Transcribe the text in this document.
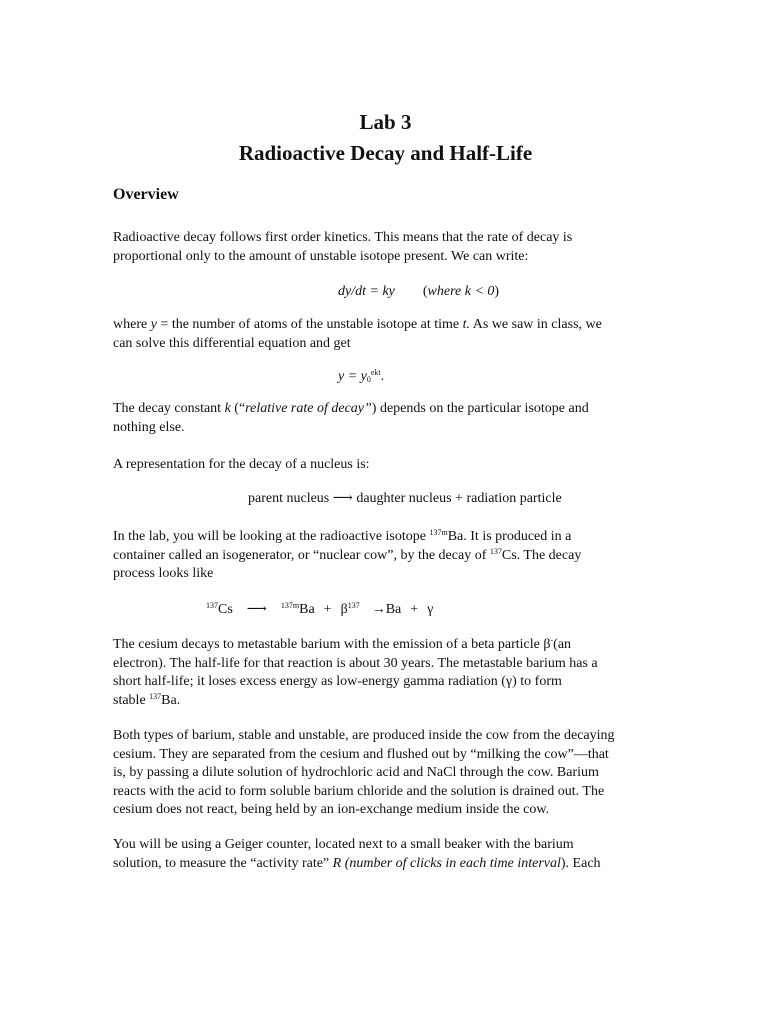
Lab 3
Radioactive Decay and Half-Life
Overview

Radioactive decay follows first order kinetics. This means that the rate of decay is
proportional only to the amount of unstable isotope present. We can write:

dy/dt = ky (where k < 0)

where y = the number of atoms of the unstable isotope at time t. As we saw in class, we
can solve this differential equation and get

$y = y_0^{ekt}$.

The decay constant k (“relative rate of decay”) depends on the particular isotope and
nothing else.

A representation for the decay of a nucleus is:

parent nucleus ⟶ daughter nucleus + radiation particle

In the lab, you will be looking at the radioactive isotope $^{137m}$Ba. It is produced in a
container called an isogenerator, or “nuclear cow”, by the decay of $^{137}$Cs. The decay
process looks like

$^{137}$Cs ⟶ $^{137m}Ba + \beta^{137} \to Ba + \gamma$

The cesium decays to metastable barium with the emission of a beta particle β-(an
electron). The half-life for that reaction is about 30 years. The metastable barium has a
short half-life; it loses excess energy as low-energy gamma radiation (γ) to form
stable $^{137}$Ba.

Both types of barium, stable and unstable, are produced inside the cow from the decaying
cesium. They are separated from the cesium and flushed out by “milking the cow”—that
is, by passing a dilute solution of hydrochloric acid and NaCl through the cow. Barium
reacts with the acid to form soluble barium chloride and the solution is drained out. The
cesium does not react, being held by an ion-exchange medium inside the cow.

You will be using a Geiger counter, located next to a small beaker with the barium
solution, to measure the “activity rate” R (number of clicks in each time interval). Each
